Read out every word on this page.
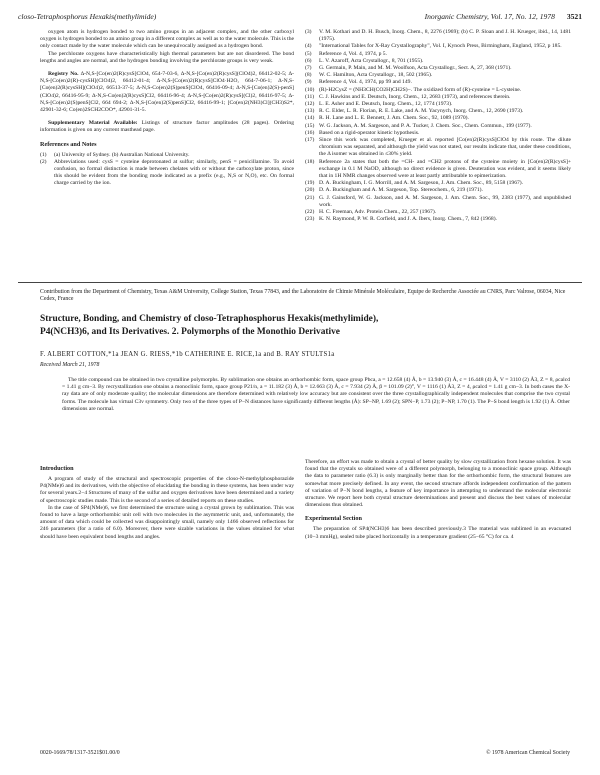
closo-Tetraphosphorus Hexakis(methylimide)	Inorganic Chemistry, Vol. 17, No. 12, 1978 3521

oxygen atom is hydrogen bonded to two amino groups in an adjacent complex, and the other carboxyl oxygen is hydrogen bonded to an amino group in a different complex as well as to the water molecule. This is the only contact made by the water molecule which can be unequivocally assigned as a hydrogen bond.

The perchlorate oxygens have characteristically high thermal parameters but are not disordered. The bond lengths and angles are normal, and the hydrogen bonding involving the perchlorate groups is very weak.

Registry No. Δ-N,S-[Co(en)2(R)cysS]ClO4, 654-7-03-6, Δ-N,S-[Co(en)2(R)cysS](ClO4)2, 66412-02-5; Δ-N,S-[Co(en)2(R)-cysSH](ClO4)2, 66412-01-4; Δ-N,S-[Co(en)2(R)cysS]ClO4·H2O, 664-7-06-1; Δ-N,S-[Co(en)2(R)cysSH](ClO4)2, 66513-37-5; Δ-N,S-Co(en)2(S)penS]ClO4, 66416-09-4; Δ-N,S-[Co(en)2(S)-penS](ClO4)2, 66416-95-9; Δ-N,S-Co(en)2(R)cysS]Cl2, 66416-96-4; Δ-N,S-[Co(en)2(R)cysS](Cl)2, 66416-97-5; Δ-N,S-[Co(en)2(S)penS]Cl2, 664 694-2; Δ-N,S-[Co(en)2(S)penS]Cl2, 66416-99-1; [Co(en)2(NH3)Cl](CH3)S2*, 42901-32-6; Co(en)2SCH2COO*, 42901-31-5.

Supplementary Material Available: Listings of structure factor amplitudes (28 pages). Ordering information is given on any current masthead page.

References and Notes
(1) (a) University of Sydney. (b) Australian National University.
(2) Abbreviations used: cysS = cysteine deprotonated at sulfur; similarly, penS = penicillamine. To avoid confusion, no formal distinction is made between chelates with or without the carboxylate proton, since this should be evident from the bonding mode indicated as a prefix (e.g., N,S or N,O), etc. On formal charge carried by the ion.
(3) V. M. Kothari and D. H. Busch, Inorg. Chem., 8, 2276 (1969); (b) C. P. Sloan and J. H. Krueger, ibid., 14, 1481 (1975).
(4) "International Tables for X-Ray Crystallography", Vol. I, Kynoch Press, Birmingham, England, 1952, p 185.
(5) Reference 4, Vol. 4, 1974, p 5.
(6) L. V. Azaroff, Acta Crystallogr., 8, 701 (1955).
(7) G. Germain, P. Main, and M. M. Woolfson, Acta Crystallogr., Sect. A, 27, 368 (1971).
(8) W. C. Hamilton, Acta Crystallogr., 18, 502 (1965).
(9) Reference 4, Vol. 4, 1974, pp 99 and 149.
(10) (R)-H2CysZ = (NH3CH(CO2H)CH2S)−. The oxidized form of (R)-cysteine = L-cysteine.
(11) C. J. Hawkins and E. Deutsch, Inorg. Chem., 12, 2683 (1973), and references therein.
(12) L. E. Asher and E. Deutsch, Inorg. Chem., 12, 1774 (1973).
(13) R. C. Elder, L. R. Florian, R. E. Lake, and A. M. Yacynych, Inorg. Chem., 12, 2690 (1973).
(14) R. H. Lane and L. E. Bennett, J. Am. Chem. Soc., 92, 1089 (1970).
(15) W. G. Jackson, A. M. Sargeson, and P. A. Tucker, J. Chem. Soc., Chem. Commun., 199 (1977).
(16) Based on a rigid-operator kinetic hypothesis.
(17) Since this work was completed, Krueger et al. reported [Co(en)2(R)cysS]ClO4 by this route. The dilute chromium was separated, and although the yield was not stated, our results indicate that, under these conditions, the Δ isomer was obtained in ≤30% yield.
(18) Reference 2a states that both the =CH- and =CH2 protons of the cysteine moiety in [Co(en)2(R)cysS]+ exchange in 0.1 M NaOD, although no direct evidence is given. Deuteration was evident, and it seems likely that in 1H NMR changes observed were at least partly attributable to epimerization.
(19) D. A. Buckingham, I. G. Morrill, and A. M. Sargeson, J. Am. Chem. Soc., 89, 5158 (1967).
(20) D. A. Buckingham and A. M. Sargeson, Top. Stereochem., 6, 219 (1971).
(21) G. J. Gainsford, W. G. Jackson, and A. M. Sargeson, J. Am. Chem. Soc., 99, 2383 (1977), and unpublished work.
(22) H. C. Freeman, Adv. Protein Chem., 22, 257 (1967).
(23) K. N. Raymond, P. W. R. Corfield, and J. A. Ibers, Inorg. Chem., 7, 842 (1968).
Contribution from the Department of Chemistry, Texas A&M University, College Station, Texas 77843, and the Laboratoire de Chimie Minérale Moléculaire, Equipe de Recherche Associée au CNRS, Parc Valrose, 06034, Nice Cedex, France
Structure, Bonding, and Chemistry of closo-Tetraphosphorus Hexakis(methylimide),
P4(NCH3)6, and Its Derivatives. 2. Polymorphs of the Monothio Derivative
F. ALBERT COTTON,*1a JEAN G. RIESS,*1b CATHERINE E. RICE,1a and B. RAY STULTS1a
Received March 21, 1978
The title compound can be obtained in two crystalline polymorphs. By sublimation one obtains an orthorhombic form, space group Pbca, a = 12.658 (4) Å, b = 13.940 (3) Å, c = 16.448 (4) Å, V = 3110 (2) Å3, Z = 8, ρcalcd = 1.41 g cm−3. By recrystallization one obtains a monoclinic form, space group P21/n, a = 11.182 (3) Å, b = 12.663 (3) Å, c = 7.934 (2) Å, β = 101.09 (2)°, V = 1116 (1) Å3, Z = 4, ρcalcd = 1.41 g cm−3. In both cases the X-ray data are of only moderate quality; the molecular dimensions are therefore determined with relatively low accuracy but are consistent over the three crystallographically independent molecules that comprise the two crystal forms. The molecule has virtual C3v symmetry. Only two of the three types of P−N distances have significantly different lengths (Å): SP−NP, 1.69 (2); SPN−P, 1.73 (2); P−NP, 1.70 (1). The P−S bond length is 1.92 (1) Å. Other dimensions are normal.
Introduction

A program of study of the structural and spectroscopic properties of the closo-N-methylphosphorazide P4(NMe)6 and its derivatives, with the objective of elucidating the bonding in these systems, has been under way for several years.2−4 Structures of many of the sulfur and oxygen derivatives have been determined and a variety of spectroscopic studies made. This is the second of a series of detailed reports on these studies.

In the case of SP4(NMe)6, we first determined the structure using a crystal grown by sublimation. This was found to have a large orthorhombic unit cell with two molecules in the asymmetric unit, and, unfortunately, the amount of data which could be collected was disappointingly small, namely only 1466 observed reflections for 246 parameters (for a ratio of 6.0). Moreover, there were sizable variations in the values obtained for what should have been equivalent bond lengths and angles.

Therefore, an effort was made to obtain a crystal of better quality by slow crystallization from hexane solution. It was found that the crystals so obtained were of a different polymorph, belonging to a monoclinic space group. Although the data to parameter ratio (6.3) is only marginally better than for the orthorhombic form, the structural features are somewhat more precisely defined. In any event, the second structure affords independent confirmation of the pattern of variation of P−N bond lengths, a feature of key importance in attempting to understand the molecular electronic structure. We report here both crystal structure determinations and present and discuss the best values of molecular dimensions thus obtained.

Experimental Section

The preparation of SP4(NCH3)6 has been described previously.3 The material was sublimed in an evacuated (10−3 mmHg), sealed tube placed horizontally in a temperature gradient (25−65 °C) for ca. 4

0020-1669/78/1317-3521$01.00/0	© 1978 American Chemical Society
